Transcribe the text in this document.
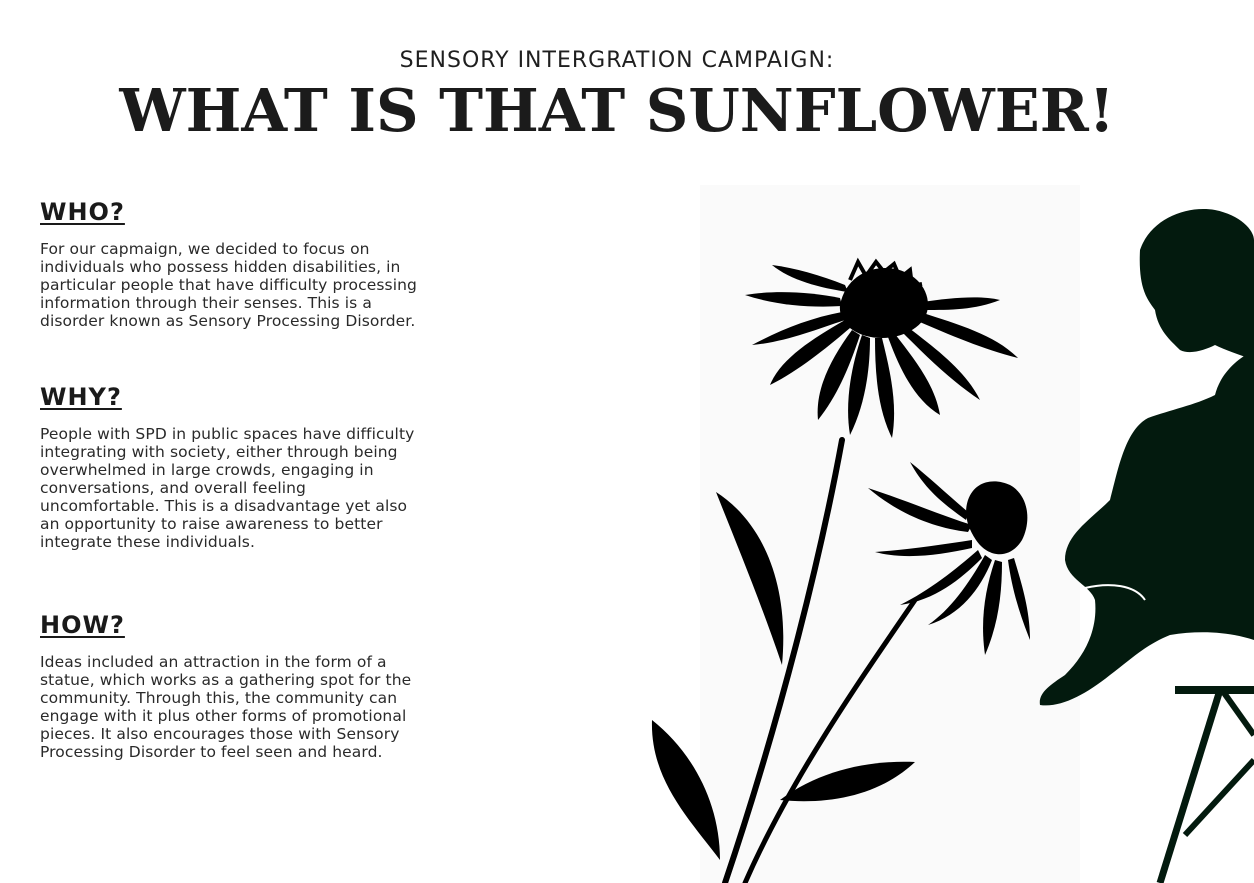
SENSORY INTERGRATION CAMPAIGN:
WHAT IS THAT SUNFLOWER!
WHO?

For our capmaign, we decided to focus on individuals who possess hidden disabilities, in particular people that have difficulty processing information through their senses. This is a disorder known as Sensory Processing Disorder.

WHY?

People with SPD in public spaces have difficulty integrating with society, either through being overwhelmed in large crowds, engaging in conversations, and overall feeling uncomfortable. This is a disadvantage yet also an opportunity to raise awareness to better integrate these individuals.

HOW?

Ideas included an attraction in the form of a statue, which works as a gathering spot for the community. Through this, the community can engage with it plus other forms of promotional pieces. It also encourages those with Sensory Processing Disorder to feel seen and heard.
